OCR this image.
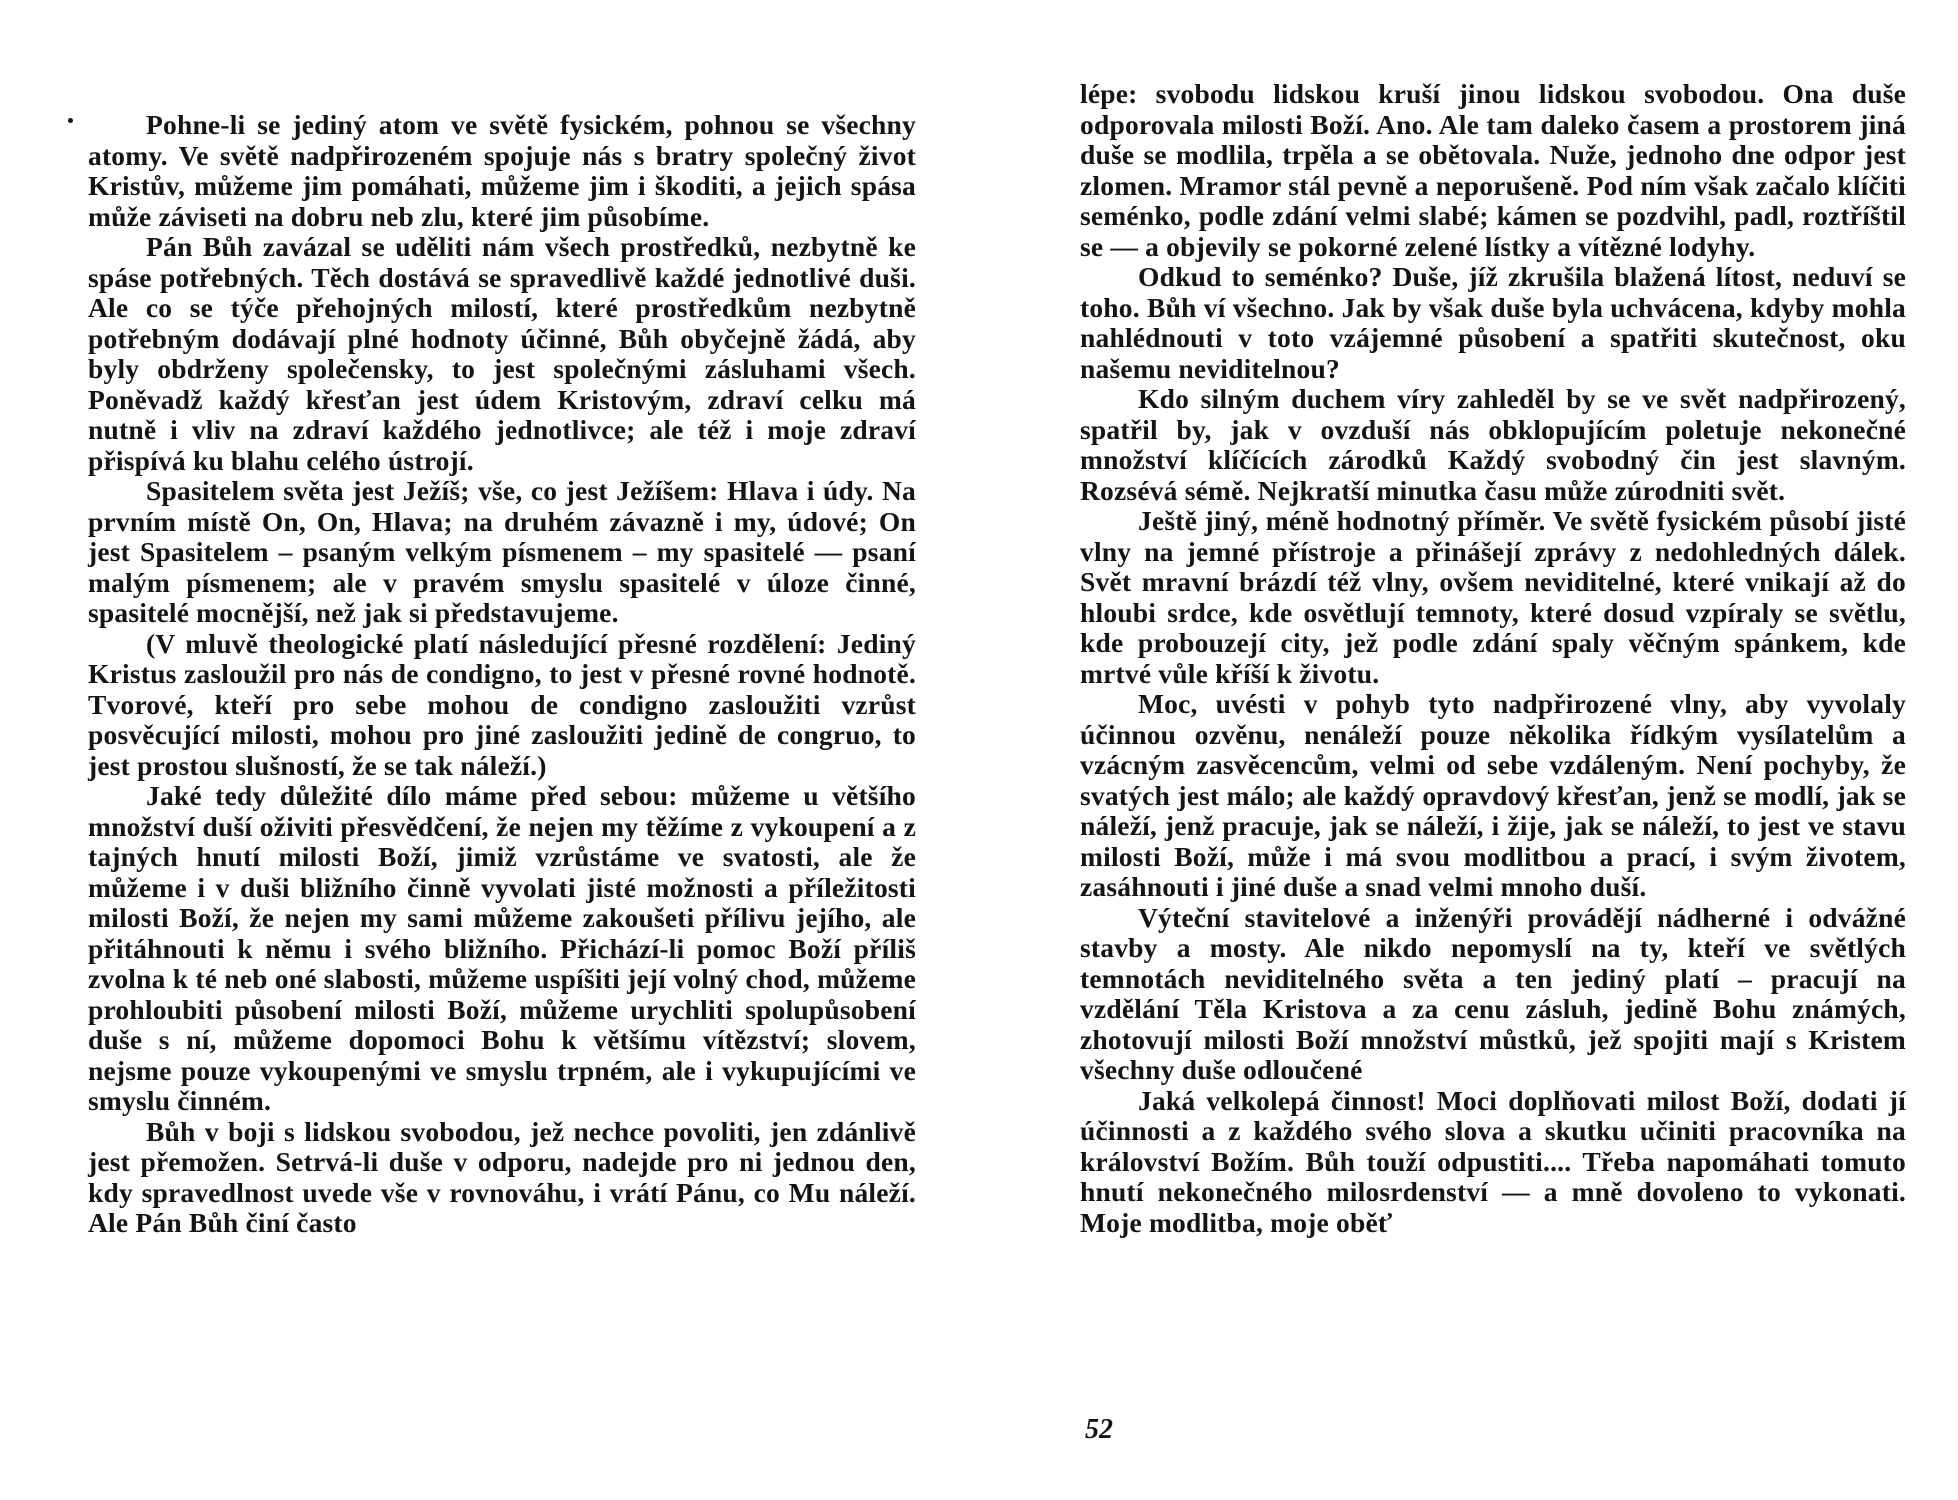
Pohne-li se jediný atom ve světě fysickém, pohnou se všechny atomy. Ve světě nadpřirozeném spojuje nás s bratry společný život Kristův, můžeme jim pomáhati, můžeme jim i škoditi, a jejich spása může záviseti na dobru neb zlu, které jim působíme.

Pán Bůh zavázal se uděliti nám všech prostředků, nezbytně ke spáse potřebných. Těch dostává se spravedlivě každé jednotlivé duši. Ale co se týče přehojných milostí, které prostředkům nezbytně potřebným dodávají plné hodnoty účinné, Bůh obyčejně žádá, aby byly obdrženy společensky, to jest společnými zásluhami všech. Poněvadž každý křesťan jest údem Kristovým, zdraví celku má nutně i vliv na zdraví každého jednotlivce; ale též i moje zdraví přispívá ku blahu celého ústrojí.

Spasitelem světa jest Ježíš; vše, co jest Ježíšem: Hlava i údy. Na prvním místě On, On, Hlava; na druhém závazně i my, údové; On jest Spasitelem – psaným velkým písmenem – my spasitelé — psaní malým písmenem; ale v pravém smyslu spasitelé v úloze činné, spasitelé mocnější, než jak si představujeme.

(V mluvě theologické platí následující přesné rozdělení: Jediný Kristus zasloužil pro nás de condigno, to jest v přesné rovné hodnotě. Tvorové, kteří pro sebe mohou de condigno zasloužiti vzrůst posvěcující milosti, mohou pro jiné zasloužiti jedině de congruo, to jest prostou slušností, že se tak náleží.)

Jaké tedy důležité dílo máme před sebou: můžeme u většího množství duší oživiti přesvědčení, že nejen my těžíme z vykoupení a z tajných hnutí milosti Boží, jimiž vzrůstáme ve svatosti, ale že můžeme i v duši bližního činně vyvolati jisté možnosti a příležitosti milosti Boží, že nejen my sami můžeme zakoušeti přílivu jejího, ale přitáhnouti k němu i svého bližního. Přichází-li pomoc Boží příliš zvolna k té neb oné slabosti, můžeme uspíšiti její volný chod, můžeme prohloubiti působení milosti Boží, můžeme urychliti spolupůsobení duše s ní, můžeme dopomoci Bohu k většímu vítězství; slovem, nejsme pouze vykoupenými ve smyslu trpném, ale i vykupujícími ve smyslu činném.

Bůh v boji s lidskou svobodou, jež nechce povoliti, jen zdánlivě jest přemožen. Setrvá-li duše v odporu, nadejde pro ni jednou den, kdy spravedlnost uvede vše v rovnováhu, i vrátí Pánu, co Mu náleží. Ale Pán Bůh činí často

lépe: svobodu lidskou kruší jinou lidskou svobodou. Ona duše odporovala milosti Boží. Ano. Ale tam daleko časem a prostorem jiná duše se modlila, trpěla a se obětovala. Nuže, jednoho dne odpor jest zlomen. Mramor stál pevně a neporušeně. Pod ním však začalo klíčiti seménko, podle zdání velmi slabé; kámen se pozdvihl, padl, roztříštil se — a objevily se pokorné zelené lístky a vítězné lodyhy.

Odkud to seménko? Duše, jíž zkrušila blažená lítost, neduví se toho. Bůh ví všechno. Jak by však duše byla uchvácena, kdyby mohla nahlédnouti v toto vzájemné působení a spatřiti skutečnost, oku našemu neviditelnou?

Kdo silným duchem víry zahleděl by se ve svět nadpřirozený, spatřil by, jak v ovzduší nás obklopujícím poletuje nekonečné množství klíčících zárodků Každý svobodný čin jest slavným. Rozsévá sémě. Nejkratší minutka času může zúrodniti svět.

Ještě jiný, méně hodnotný příměr. Ve světě fysickém působí jisté vlny na jemné přístroje a přinášejí zprávy z nedohledných dálek. Svět mravní brázdí též vlny, ovšem neviditelné, které vnikají až do hloubi srdce, kde osvětlují temnoty, které dosud vzpíraly se světlu, kde probouzejí city, jež podle zdání spaly věčným spánkem, kde mrtvé vůle kříší k životu.

Moc, uvésti v pohyb tyto nadpřirozené vlny, aby vyvolaly účinnou ozvěnu, nenáleží pouze několika řídkým vysílatelům a vzácným zasvěcencům, velmi od sebe vzdáleným. Není pochyby, že svatých jest málo; ale každý opravdový křesťan, jenž se modlí, jak se náleží, jenž pracuje, jak se náleží, i žije, jak se náleží, to jest ve stavu milosti Boží, může i má svou modlitbou a prací, i svým životem, zasáhnouti i jiné duše a snad velmi mnoho duší.

Výteční stavitelové a inženýři provádějí nádherné i odvážné stavby a mosty. Ale nikdo nepomyslí na ty, kteří ve světlých temnotách neviditelného světa a ten jediný platí – pracují na vzdělání Těla Kristova a za cenu zásluh, jedině Bohu známých, zhotovují milosti Boží množství můstků, jež spojiti mají s Kristem všechny duše odloučené

Jaká velkolepá činnost! Moci doplňovati milost Boží, dodati jí účinnosti a z každého svého slova a skutku učiniti pracovníka na království Božím. Bůh touží odpustiti.... Třeba napomáhati tomuto hnutí nekonečného milosrdenství — a mně dovoleno to vykonati. Moje modlitba, moje oběť

52
